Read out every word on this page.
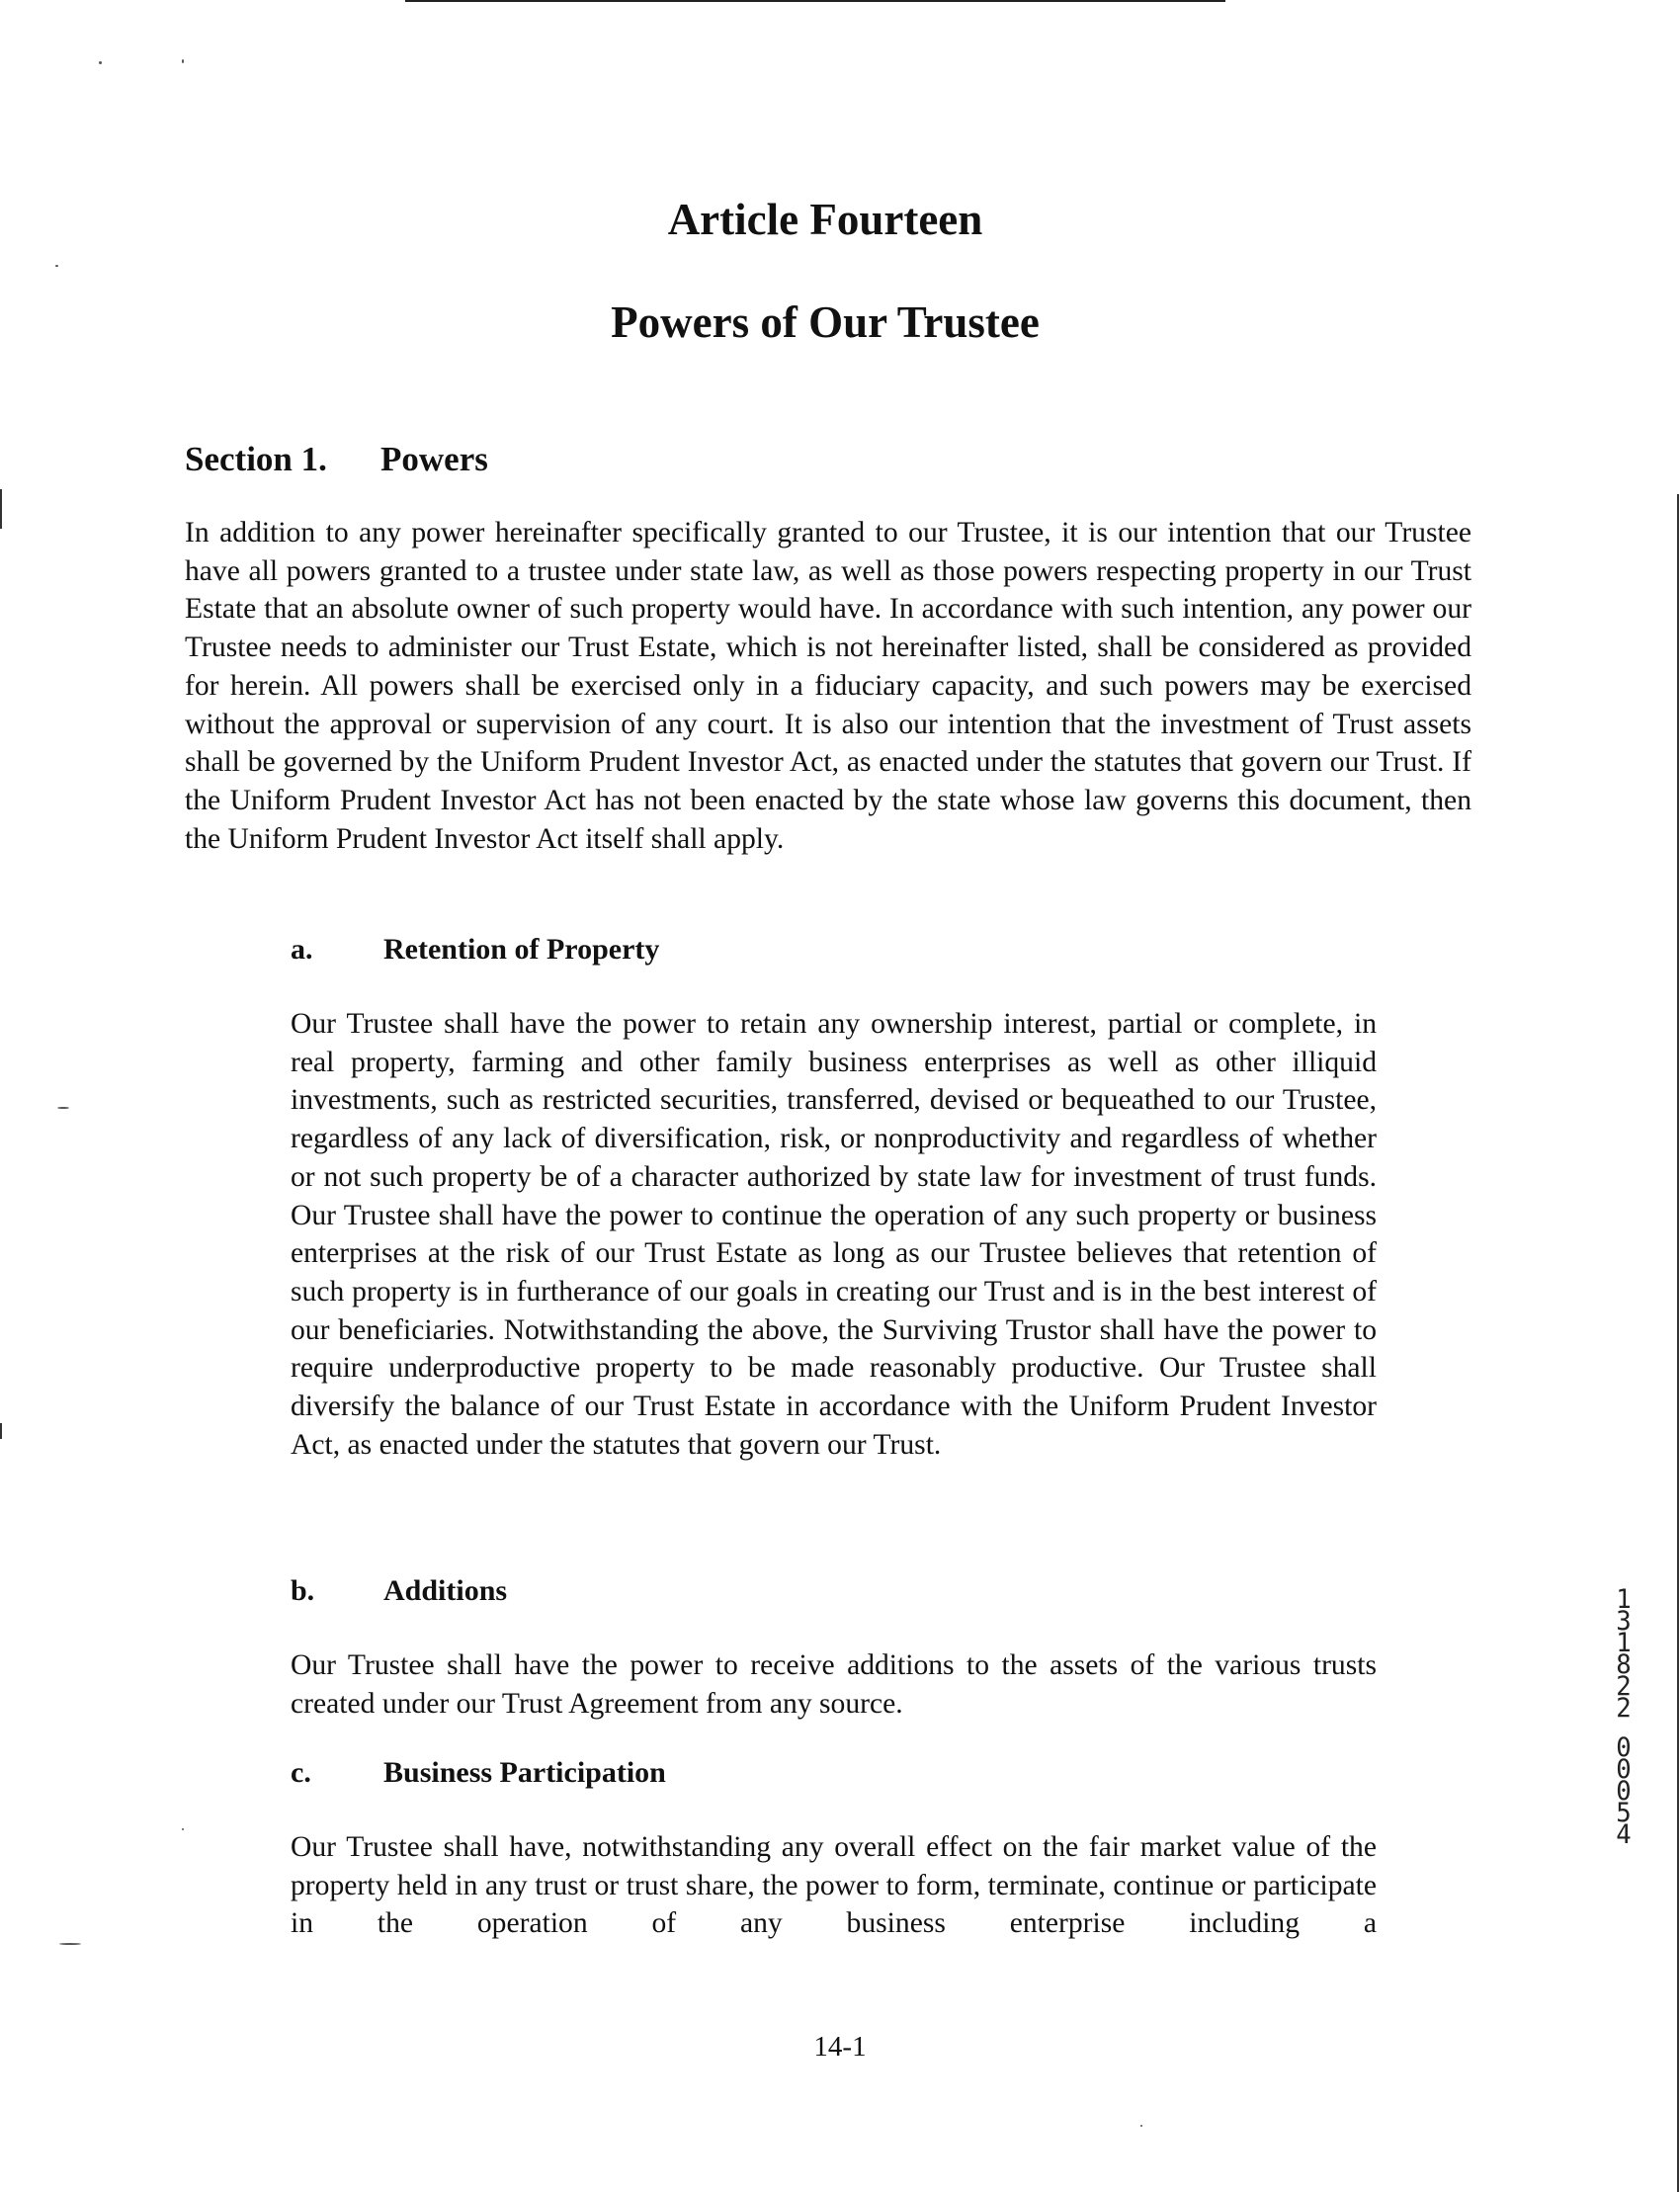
Article Fourteen
Powers of Our Trustee
Section 1. Powers

In addition to any power hereinafter specifically granted to our Trustee, it is our intention that our Trustee have all powers granted to a trustee under state law, as well as those powers respecting property in our Trust Estate that an absolute owner of such property would have. In accordance with such intention, any power our Trustee needs to administer our Trust Estate, which is not hereinafter listed, shall be considered as provided for herein. All powers shall be exercised only in a fiduciary capacity, and such powers may be exercised without the approval or supervision of any court. It is also our intention that the investment of Trust assets shall be governed by the Uniform Prudent Investor Act, as enacted under the statutes that govern our Trust. If the Uniform Prudent Investor Act has not been enacted by the state whose law governs this document, then the Uniform Prudent Investor Act itself shall apply.

a. Retention of Property

Our Trustee shall have the power to retain any ownership interest, partial or complete, in real property, farming and other family business enterprises as well as other illiquid investments, such as restricted securities, transferred, devised or bequeathed to our Trustee, regardless of any lack of diversification, risk, or nonproductivity and regardless of whether or not such property be of a character authorized by state law for investment of trust funds. Our Trustee shall have the power to continue the operation of any such property or business enterprises at the risk of our Trust Estate as long as our Trustee believes that retention of such property is in furtherance of our goals in creating our Trust and is in the best interest of our beneficiaries. Notwithstanding the above, the Surviving Trustor shall have the power to require underproductive property to be made reasonably productive. Our Trustee shall diversify the balance of our Trust Estate in accordance with the Uniform Prudent Investor Act, as enacted under the statutes that govern our Trust.

b. Additions

Our Trustee shall have the power to receive additions to the assets of the various trusts created under our Trust Agreement from any source.

c. Business Participation

Our Trustee shall have, notwithstanding any overall effect on the fair market value of the property held in any trust or trust share, the power to form, terminate, continue or participate in the operation of any business enterprise including a

14-1

1
3
1
8
2
2
0
0
0
5
4
